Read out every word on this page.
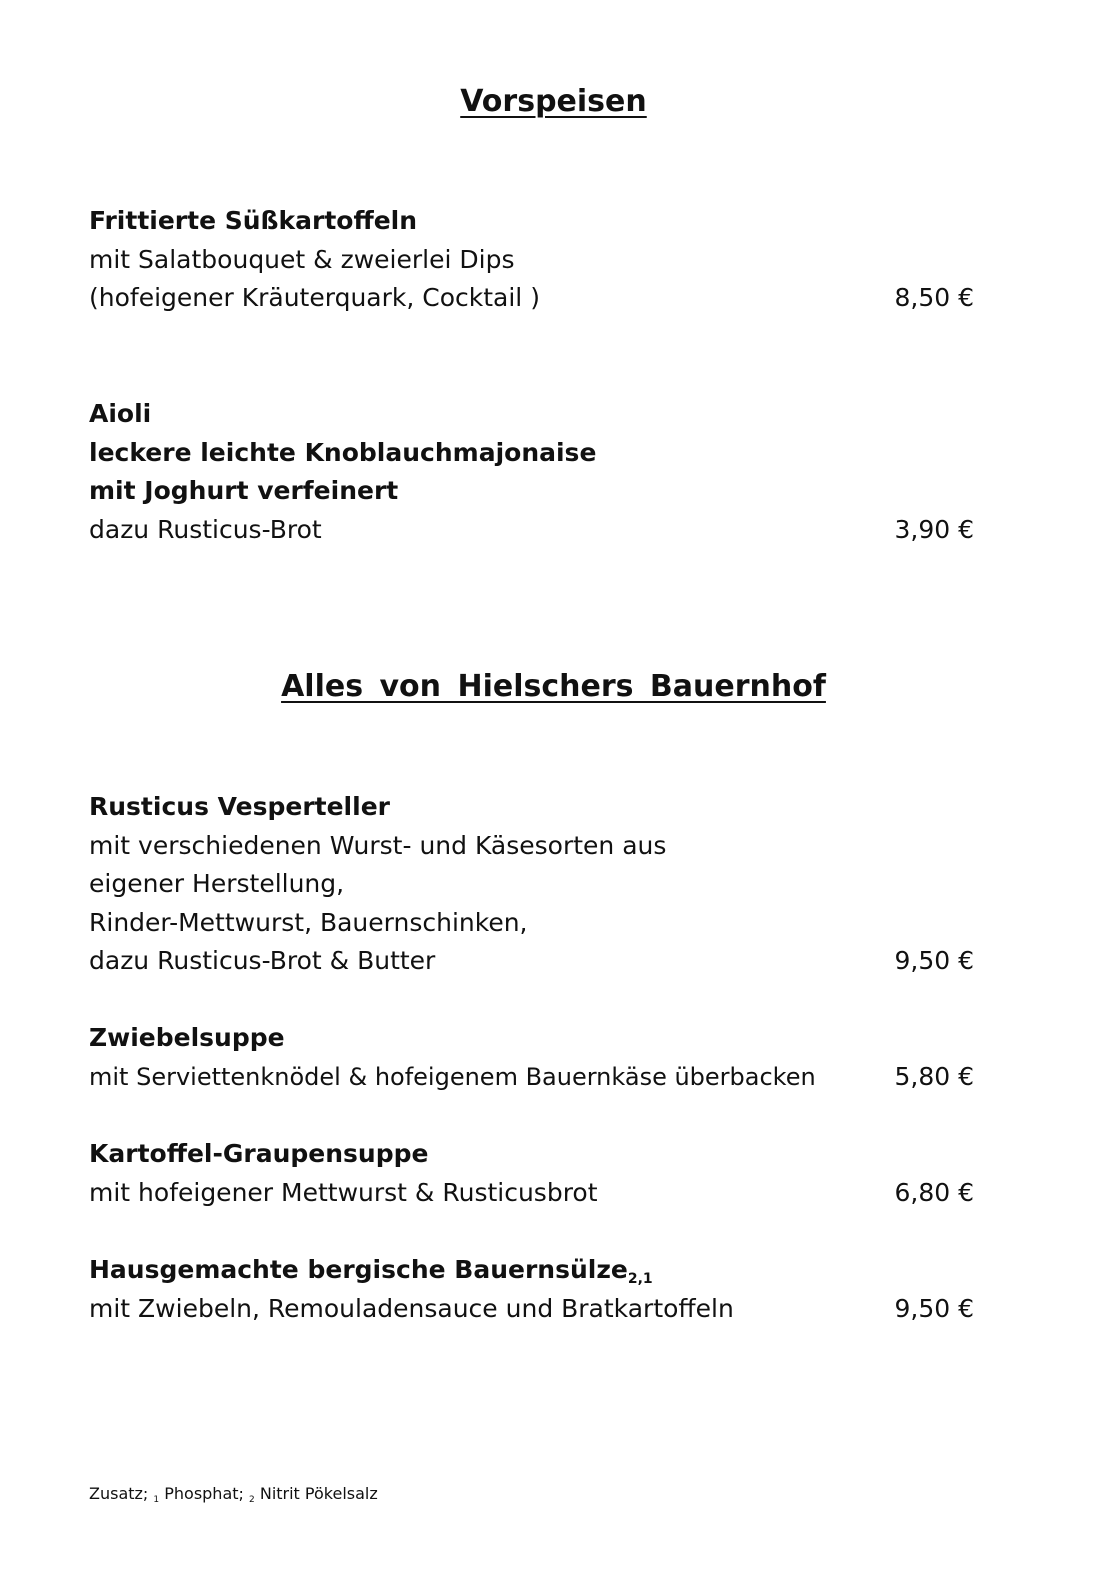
Vorspeisen
Frittierte Süßkartoffeln
mit Salatbouquet & zweierlei Dips
(hofeigener Kräuterquark, Cocktail )	8,50 €
Aioli
leckere leichte Knoblauchmajonaise
mit Joghurt verfeinert
dazu Rusticus-Brot	3,90 €
Alles von Hielschers Bauernhof
Rusticus Vesperteller
mit verschiedenen Wurst- und Käsesorten aus
eigener Herstellung,
Rinder-Mettwurst, Bauernschinken,
dazu Rusticus-Brot & Butter	9,50 €
Zwiebelsuppe
mit Serviettenknödel & hofeigenem Bauernkäse überbacken	5,80 €
Kartoffel-Graupensuppe
mit hofeigener Mettwurst & Rusticusbrot	6,80 €
Hausgemachte bergische Bauernsülze$_{2,1}$
mit Zwiebeln, Remouladensauce und Bratkartoffeln	9,50 €
Zusatz; 1 Phosphat; 2 Nitrit Pökelsalz
